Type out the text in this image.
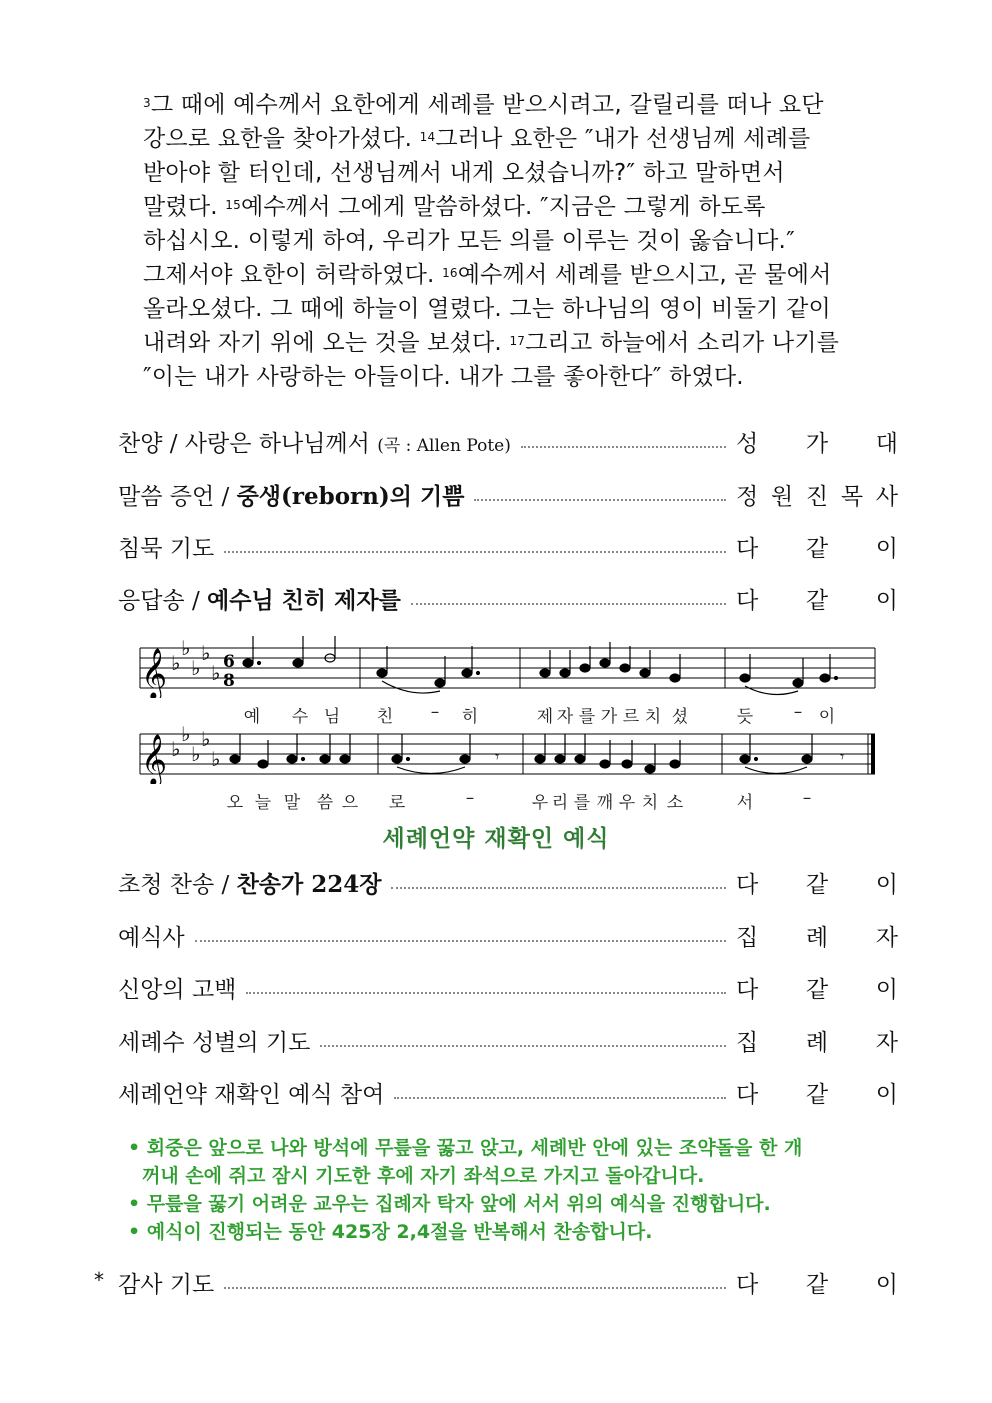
$^3$그 때에 예수께서 요한에게 세례를 받으시려고, 갈릴리를 떠나 요단
강으로 요한을 찾아가셨다. $^{14}$그러나 요한은 ″내가 선생님께 세례를
받아야 할 터인데, 선생님께서 내게 오셨습니까?″ 하고 말하면서
말렸다. $^{15}$예수께서 그에게 말씀하셨다. ″지금은 그렇게 하도록
하십시오. 이렇게 하여, 우리가 모든 의를 이루는 것이 옳습니다.″
그제서야 요한이 허락하였다. $^{16}$예수께서 세례를 받으시고, 곧 물에서
올라오셨다. 그 때에 하늘이 열렸다. 그는 하나님의 영이 비둘기 같이
내려와 자기 위에 오는 것을 보셨다. $^{17}$그리고 하늘에서 소리가 나기를
″이는 내가 사랑하는 아들이다. 내가 그를 좋아한다″ 하였다.
찬양 / 사랑은 하나님께서 (곡 : Allen Pote)	성 가 대
말씀 증언 / 중생(reborn)의 기쁨	정 원 진 목 사
침묵 기도	다 같 이
응답송 / 예수님 친히 제자를	다 같 이
𝄞 ♭
♭
♭
♭
♭ 6
8
예 수 님 친 – 히	제 자 를 가 르 치 셨	듯 – 이
𝄞 ♭
♭
♭
♭
♭	𝄾	𝄾
오 늘 말 씀 으 로	–	우 리 를 깨 우 치 소	서	–
세례언약 재확인 예식
초청 찬송 / 찬송가 224장	다 같 이
예식사	집 례 자
신앙의 고백	다 같 이
세례수 성별의 기도	집 례 자
세례언약 재확인 예식 참여	다 같 이
• 회중은 앞으로 나와 방석에 무릎을 꿇고 앉고, 세례반 안에 있는 조약돌을 한 개
꺼내 손에 쥐고 잠시 기도한 후에 자기 좌석으로 가지고 돌아갑니다.
• 무릎을 꿇기 어려운 교우는 집례자 탁자 앞에 서서 위의 예식을 진행합니다.
• 예식이 진행되는 동안 425장 2,4절을 반복해서 찬송합니다.
* 감사 기도	다 같 이
